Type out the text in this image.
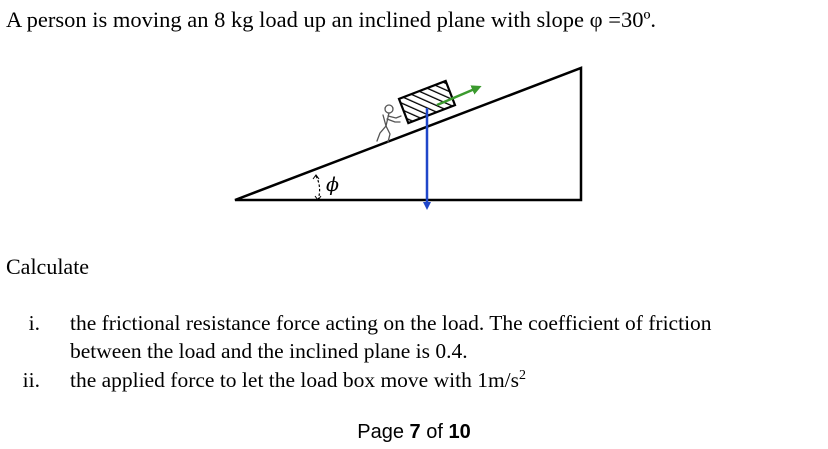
A person is moving an 8 kg load up an inclined plane with slope φ =30º.
ϕ
Calculate
i. the frictional resistance force acting on the load. The coefficient of friction
between the load and the inclined plane is 0.4.
ii. the applied force to let the load box move with $1m/s^2$
Page 7 of 10
